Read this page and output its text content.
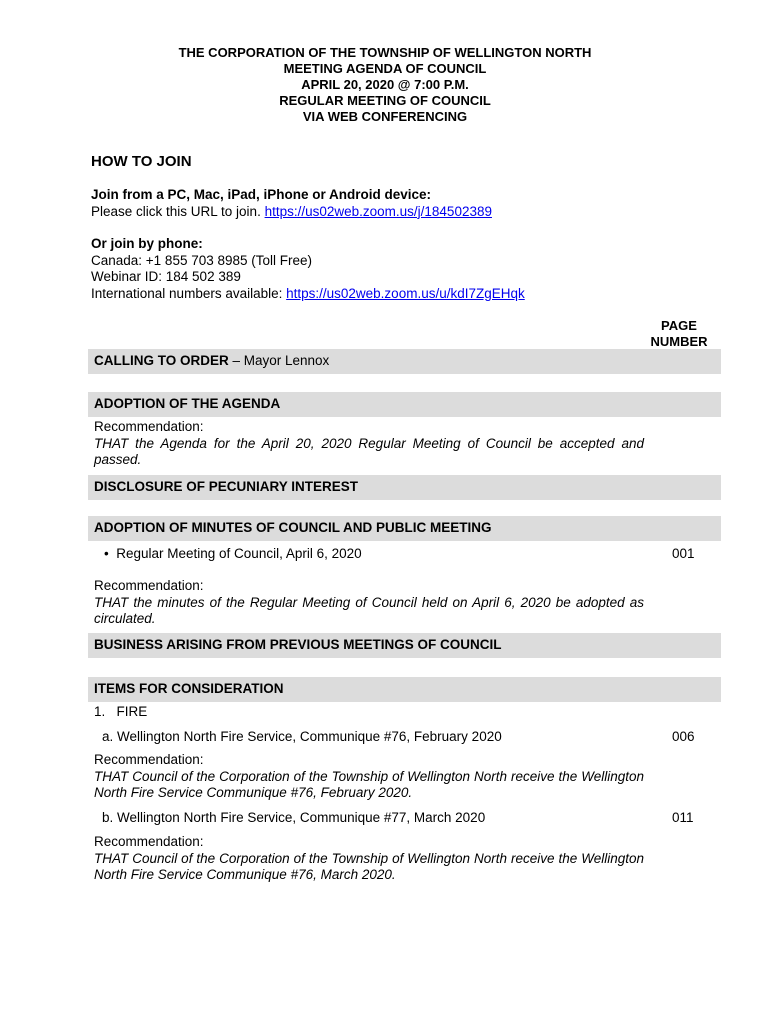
THE CORPORATION OF THE TOWNSHIP OF WELLINGTON NORTH
MEETING AGENDA OF COUNCIL
APRIL 20, 2020 @ 7:00 P.M.
REGULAR MEETING OF COUNCIL
VIA WEB CONFERENCING
HOW TO JOIN
Join from a PC, Mac, iPad, iPhone or Android device:
Please click this URL to join. https://us02web.zoom.us/j/184502389
Or join by phone:
Canada: +1 855 703 8985 (Toll Free)
Webinar ID: 184 502 389
International numbers available: https://us02web.zoom.us/u/kdI7ZgEHqk
PAGE
NUMBER
CALLING TO ORDER – Mayor Lennox
ADOPTION OF THE AGENDA
Recommendation:
THAT the Agenda for the April 20, 2020 Regular Meeting of Council be accepted and passed.
DISCLOSURE OF PECUNIARY INTEREST
ADOPTION OF MINUTES OF COUNCIL AND PUBLIC MEETING
•  Regular Meeting of Council, April 6, 2020	001
Recommendation:
THAT the minutes of the Regular Meeting of Council held on April 6, 2020 be adopted as circulated.
BUSINESS ARISING FROM PREVIOUS MEETINGS OF COUNCIL
ITEMS FOR CONSIDERATION
1. FIRE
a. Wellington North Fire Service, Communique #76, February 2020	006
Recommendation:
THAT Council of the Corporation of the Township of Wellington North receive the Wellington North Fire Service Communique #76, February 2020.
b. Wellington North Fire Service, Communique #77, March 2020	011
Recommendation:
THAT Council of the Corporation of the Township of Wellington North receive the Wellington North Fire Service Communique #76, March 2020.
